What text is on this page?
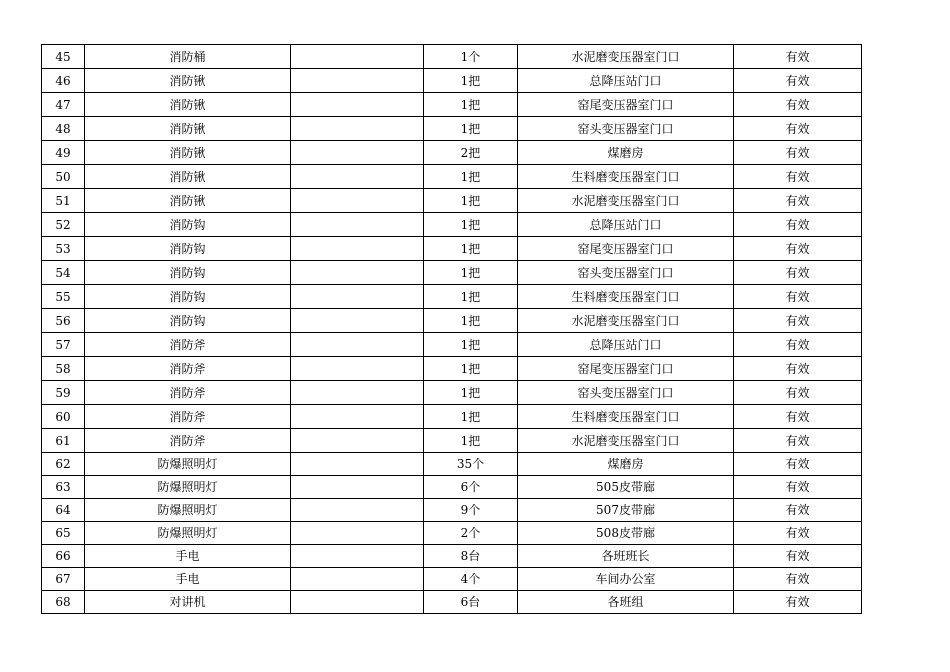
45	消防桶		1个	水泥磨变压器室门口	有效
46	消防锹		1把	总降压站门口	有效
47	消防锹		1把	窑尾变压器室门口	有效
48	消防锹		1把	窑头变压器室门口	有效
49	消防锹		2把	煤磨房	有效
50	消防锹		1把	生料磨变压器室门口	有效
51	消防锹		1把	水泥磨变压器室门口	有效
52	消防钩		1把	总降压站门口	有效
53	消防钩		1把	窑尾变压器室门口	有效
54	消防钩		1把	窑头变压器室门口	有效
55	消防钩		1把	生料磨变压器室门口	有效
56	消防钩		1把	水泥磨变压器室门口	有效
57	消防斧		1把	总降压站门口	有效
58	消防斧		1把	窑尾变压器室门口	有效
59	消防斧		1把	窑头变压器室门口	有效
60	消防斧		1把	生料磨变压器室门口	有效
61	消防斧		1把	水泥磨变压器室门口	有效
62	防爆照明灯		35个	煤磨房	有效
63	防爆照明灯		6个	505皮带廊	有效
64	防爆照明灯		9个	507皮带廊	有效
65	防爆照明灯		2个	508皮带廊	有效
66	手电		8台	各班班长	有效
67	手电		4个	车间办公室	有效
68	对讲机		6台	各班组	有效
